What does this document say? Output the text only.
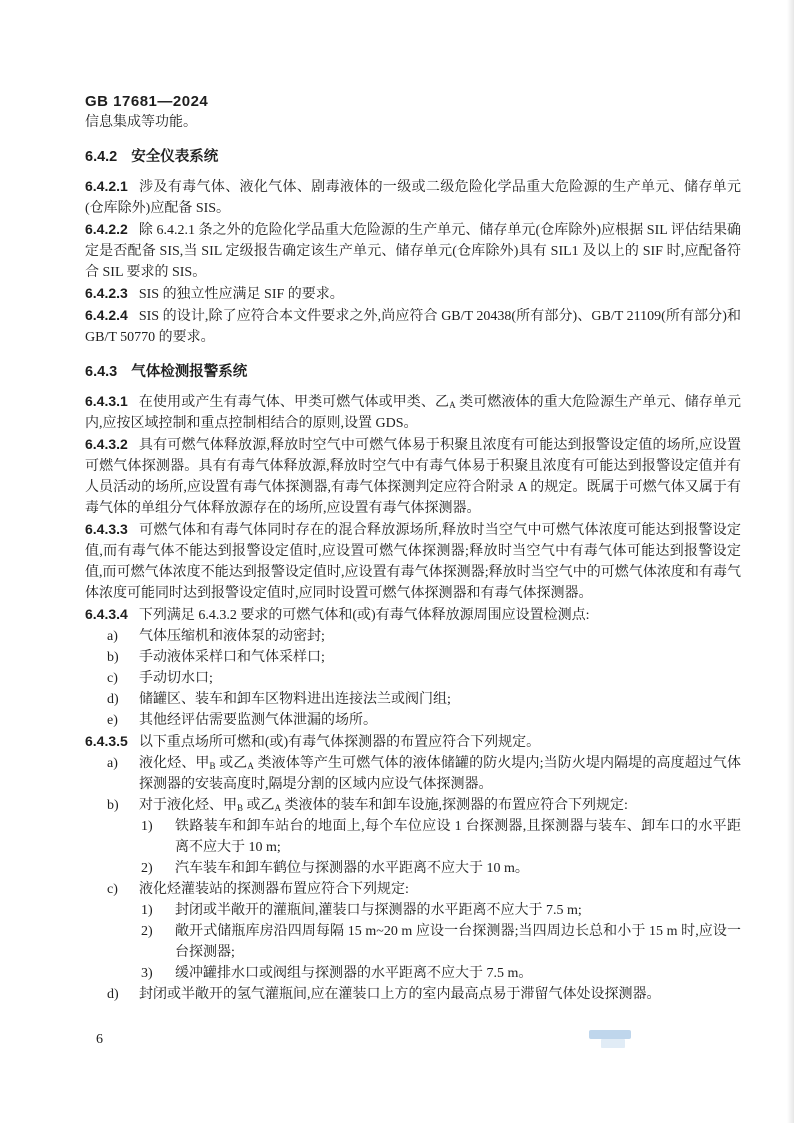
GB 17681—2024

信息集成等功能。

6.4.2 安全仪表系统

6.4.2.1 涉及有毒气体、液化气体、剧毒液体的一级或二级危险化学品重大危险源的生产单元、储存单元(仓库除外)应配备 SIS。

6.4.2.2 除 6.4.2.1 条之外的危险化学品重大危险源的生产单元、储存单元(仓库除外)应根据 SIL 评估结果确定是否配备 SIS,当 SIL 定级报告确定该生产单元、储存单元(仓库除外)具有 SIL1 及以上的 SIF 时,应配备符合 SIL 要求的 SIS。

6.4.2.3 SIS 的独立性应满足 SIF 的要求。

6.4.2.4 SIS 的设计,除了应符合本文件要求之外,尚应符合 GB/T 20438(所有部分)、GB/T 21109(所有部分)和 GB/T 50770 的要求。

6.4.3 气体检测报警系统

6.4.3.1 在使用或产生有毒气体、甲类可燃气体或甲类、乙$_A$ 类可燃液体的重大危险源生产单元、储存单元内,应按区域控制和重点控制相结合的原则,设置 GDS。

6.4.3.2 具有可燃气体释放源,释放时空气中可燃气体易于积聚且浓度有可能达到报警设定值的场所,应设置可燃气体探测器。具有有毒气体释放源,释放时空气中有毒气体易于积聚且浓度有可能达到报警设定值并有人员活动的场所,应设置有毒气体探测器,有毒气体探测判定应符合附录 A 的规定。既属于可燃气体又属于有毒气体的单组分气体释放源存在的场所,应设置有毒气体探测器。

6.4.3.3 可燃气体和有毒气体同时存在的混合释放源场所,释放时当空气中可燃气体浓度可能达到报警设定值,而有毒气体不能达到报警设定值时,应设置可燃气体探测器;释放时当空气中有毒气体可能达到报警设定值,而可燃气体浓度不能达到报警设定值时,应设置有毒气体探测器;释放时当空气中的可燃气体浓度和有毒气体浓度可能同时达到报警设定值时,应同时设置可燃气体探测器和有毒气体探测器。

6.4.3.4 下列满足 6.4.3.2 要求的可燃气体和(或)有毒气体释放源周围应设置检测点:

a)	气体压缩机和液体泵的动密封;

b)	手动液体采样口和气体采样口;

c)	手动切水口;

d)	储罐区、装车和卸车区物料进出连接法兰或阀门组;

e)	其他经评估需要监测气体泄漏的场所。

6.4.3.5 以下重点场所可燃和(或)有毒气体探测器的布置应符合下列规定。

a)	液化烃、甲$_B$ 或乙$_A$ 类液体等产生可燃气体的液体储罐的防火堤内;当防火堤内隔堤的高度超过气体探测器的安装高度时,隔堤分割的区域内应设气体探测器。

b)	对于液化烃、甲$_B$ 或乙$_A$ 类液体的装车和卸车设施,探测器的布置应符合下列规定:

1)	铁路装车和卸车站台的地面上,每个车位应设 1 台探测器,且探测器与装车、卸车口的水平距离不应大于 10 m;

2)	汽车装车和卸车鹤位与探测器的水平距离不应大于 10 m。

c)	液化烃灌装站的探测器布置应符合下列规定:

1)	封闭或半敞开的灌瓶间,灌装口与探测器的水平距离不应大于 7.5 m;

2)	敞开式储瓶库房沿四周每隔 15 m~20 m 应设一台探测器;当四周边长总和小于 15 m 时,应设一台探测器;

3)	缓冲罐排水口或阀组与探测器的水平距离不应大于 7.5 m。

d)	封闭或半敞开的氢气灌瓶间,应在灌装口上方的室内最高点易于滞留气体处设探测器。

6
